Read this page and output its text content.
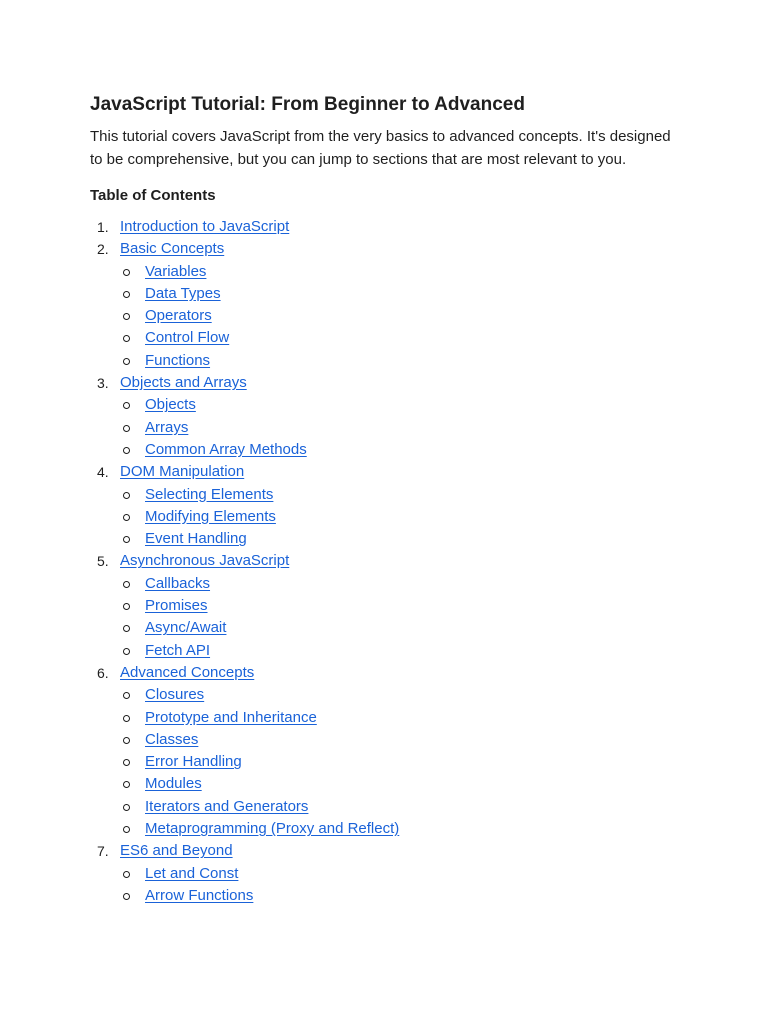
JavaScript Tutorial: From Beginner to Advanced

This tutorial covers JavaScript from the very basics to advanced concepts. It's designed to be comprehensive, but you can jump to sections that are most relevant to you.

Table of Contents
1. Introduction to JavaScript
2. Basic Concepts
Variables
Data Types
Operators
Control Flow
Functions
3. Objects and Arrays
Objects
Arrays
Common Array Methods
4. DOM Manipulation
Selecting Elements
Modifying Elements
Event Handling
5. Asynchronous JavaScript
Callbacks
Promises
Async/Await
Fetch API
6. Advanced Concepts
Closures
Prototype and Inheritance
Classes
Error Handling
Modules
Iterators and Generators
Metaprogramming (Proxy and Reflect)
7. ES6 and Beyond
Let and Const
Arrow Functions
